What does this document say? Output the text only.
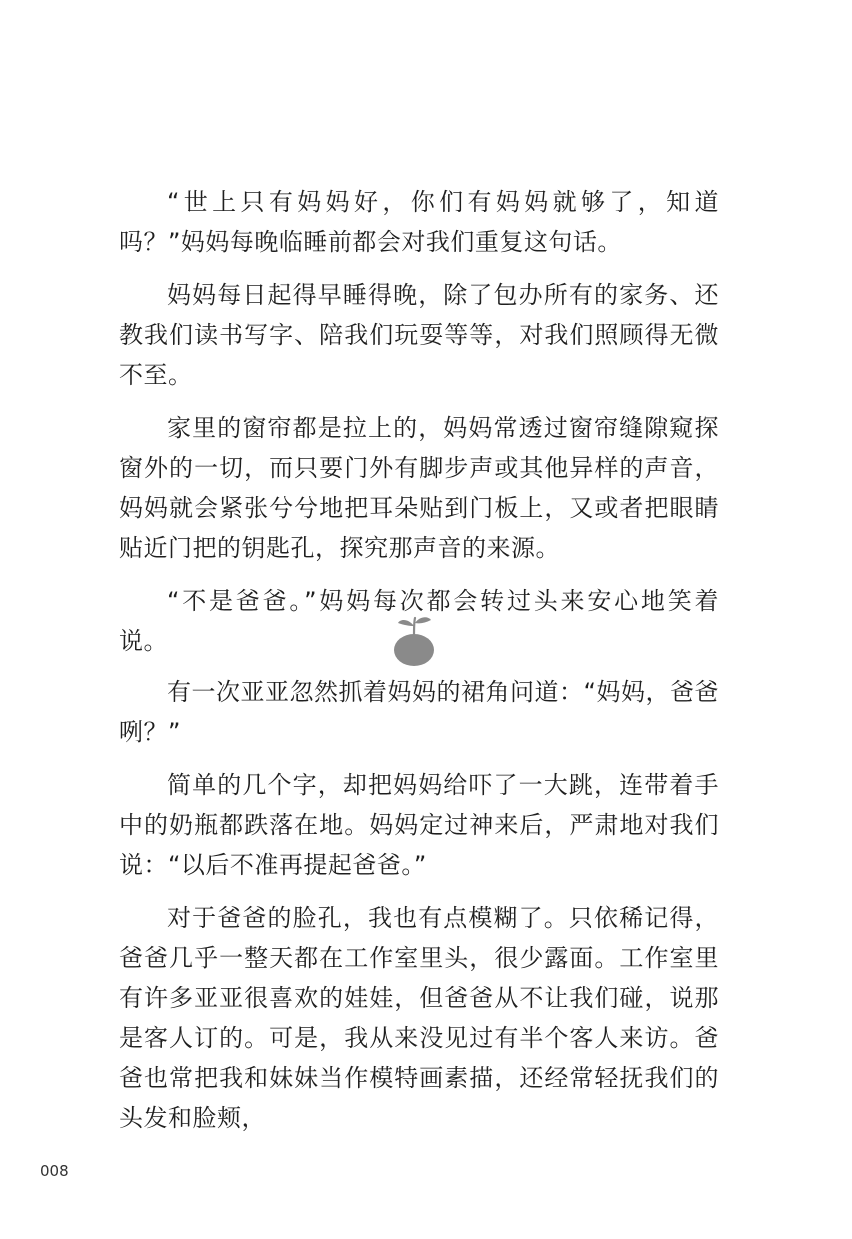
“世上只有妈妈好，你们有妈妈就够了，知道吗？”妈妈每晚临睡前都会对我们重复这句话。

妈妈每日起得早睡得晚，除了包办所有的家务、还教我们读书写字、陪我们玩耍等等，对我们照顾得无微不至。

家里的窗帘都是拉上的，妈妈常透过窗帘缝隙窥探窗外的一切，而只要门外有脚步声或其他异样的声音，妈妈就会紧张兮兮地把耳朵贴到门板上，又或者把眼睛贴近门把的钥匙孔，探究那声音的来源。

“不是爸爸。”妈妈每次都会转过头来安心地笑着说。

有一次亚亚忽然抓着妈妈的裙角问道：“妈妈，爸爸咧？”

简单的几个字，却把妈妈给吓了一大跳，连带着手中的奶瓶都跌落在地。妈妈定过神来后，严肃地对我们说：“以后不准再提起爸爸。”

对于爸爸的脸孔，我也有点模糊了。只依稀记得，爸爸几乎一整天都在工作室里头，很少露面。工作室里有许多亚亚很喜欢的娃娃，但爸爸从不让我们碰，说那是客人订的。可是，我从来没见过有半个客人来访。爸爸也常把我和妹妹当作模特画素描，还经常轻抚我们的头发和脸颊，

008
